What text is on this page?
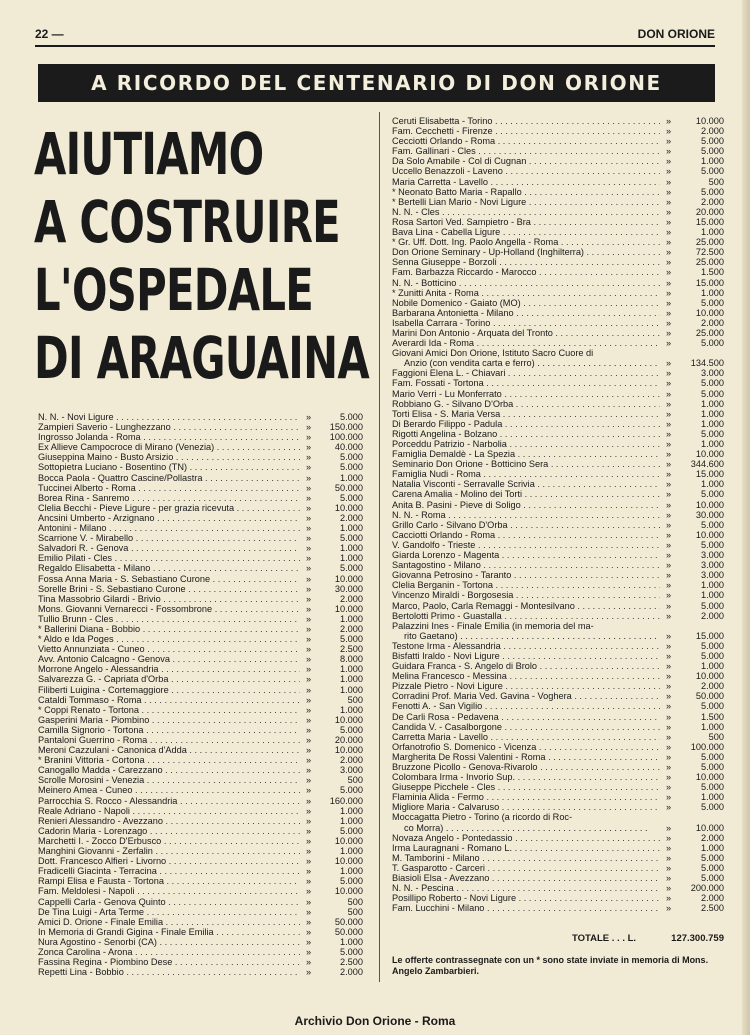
22 —	DON ORIONE
A RICORDO DEL CENTENARIO DI DON ORIONE
AIUTIAMO
A COSTRUIRE
L'OSPEDALE
DI ARAGUAINA
N. N. - Novi Ligure . . .	»	5.000
Zampieri Saverio - Lunghezzano . . .	» 150.000
Ingrosso Jolanda - Roma . . .	» 100.000
Ex Allieve Campocroce di Mirano (Venezia) . . .	»	40.000
Giuseppina Maino - Busto Arsizio . . .	»	5.000
Sottopietra Luciano - Bosentino (TN) . . .	»	5.000
Bocca Paola - Quattro Cascine/Pollastra . . .	»	1.000
Tuccinei Alberto - Roma . . .	»	50.000
Borea Rina - Sanremo . . .	»	5.000
Clelia Becchi - Pieve Ligure - per grazia ricevuta . . .	»	10.000
Ancsini Umberto - Arzignano . . .	»	2.000
Antonini - Milano . . .	»	1.000
Scarrione V. - Mirabello . . .	»	5.000
Salvadori R. - Genova . . .	»	1.000
Emilio Pilati - Cles . . .	»	1.000
Regaldo Elisabetta - Milano . . .	»	5.000
Fossa Anna Maria - S. Sebastiano Curone . . .	»	10.000
Sorelle Brini - S. Sebastiano Curone . . .	»	30.000
Tina Massobrio Gilardi - Brivio . . .	»	2.000
Mons. Giovanni Vernarecci - Fossombrone . . .	»	10.000
Tullio Brunn - Cles . . .	»	1.000
* Ballerini Diana - Bobbio . . .	»	2.000
* Aldo e Ida Poges . . .	»	5.000
Vietto Annunziata - Cuneo . . .	»	2.500
Avv. Antonio Calcagno - Genova . . .	»	8.000
Morrone Angelo - Alessandria . . .	»	1.000
Salvarezza G. - Capriata d'Orba . . .	»	1.000
Filiberti Luigina - Cortemaggiore . . .	»	1.000
Cataldi Tommaso - Roma . . .	»	500
* Coppi Renato - Tortona . . .	»	1.000
Gasperini Maria - Piombino . . .	»	10.000
Camilla Signorio - Tortona . . .	»	5.000
Pantaloni Guerrino - Roma . . .	»	20.000
Meroni Cazzulani - Canonica d'Adda . . .	»	10.000
* Branini Vittoria - Cortona . . .	»	2.000
Canogallo Madda - Carezzano . . .	»	3.000
Scrolle Morosini - Venezia . . .	»	500
Meinero Amea - Cuneo . . .	»	5.000
Parrocchia S. Rocco - Alessandria . . .	» 160.000
Reale Adriano - Napoli . . .	»	1.000
Renieri Alessandro - Avezzano . . .	»	1.000
Cadorin Maria - Lorenzago . . .	»	5.000
Marchetti I. - Zocco D'Erbusco . . .	»	10.000
Manghini Giovanni - Zerfalin . . .	»	1.000
Dott. Francesco Alfieri - Livorno . . .	»	10.000
Fradicelli Giacinta - Terracina . . .	»	1.000
Rampi Elisa e Fausta - Tortona . . .	»	5.000
Fam. Meldolesi - Napoli . . .	»	10.000
Cappelli Carla - Genova Quinto . . .	»	500
De Tina Luigi - Arta Terme . . .	»	500
Amici D. Orione - Finale Emilia . . .	»	50.000
In Memoria di Grandi Gigina - Finale Emilia . . .	»	50.000
Nura Agostino - Senorbi (CA) . . .	»	1.000
Zonca Carolina - Arona . . .	»	5.000
Fassina Regina - Piombino Dese . . .	»	2.500
Repetti Lina - Bobbio . . .	»	2.000
Ceruti Elisabetta - Torino . . .	»	10.000
Fam. Cecchetti - Firenze . . .	»	2.000
Cecciotti Orlando - Roma . . .	»	5.000
Fam. Gallinari - Cles . . .	»	5.000
Da Solo Amabile - Col di Cugnan . . .	»	1.000
Uccello Benazzoli - Laveno . . .	»	5.000
Maria Carretta - Lavello . . .	»	500
* Neonato Batto Maria - Rapallo . . .	»	5.000
* Bertelli Lian Mario - Novi Ligure . . .	»	2.000
N. N. - Cles . . .	»	20.000
Rosa Sartori Ved. Sampietro - Bra . . .	»	15.000
Bava Lina - Cabella Ligure . . .	»	1.000
* Gr. Uff. Dott. Ing. Paolo Angella - Roma . . .	»	25.000
Don Orione Seminary - Up-Holland (Inghilterra) . . .	»	72.500
Senna Giuseppe - Borzoli . . .	»	25.000
Fam. Barbazza Riccardo - Marocco . . .	»	1.500
N. N. - Botticino . . .	»	15.000
* Zunitti Anita - Roma . . .	»	1.000
Nobile Domenico - Gaiato (MO) . . .	»	5.000
Barbarana Antonietta - Milano . . .	»	10.000
Isabella Carrara - Torino . . .	»	2.000
Marini Don Antonio - Arquata del Tronto . . .	»	25.000
Averardi Ida - Roma . . .	»	5.000
Giovani Amici Don Orione, Istituto Sacro Cuore di
Anzio (con vendita carta e ferro) . . .	» 134.500
Faggioni Elena L. - Chiavari . . .	»	3.000
Fam. Fossati - Tortona . . .	»	5.000
Mario Verri - Lu Monferrato . . .	»	5.000
Robbiano G. - Silvano D'Orba . . .	»	1.000
Torti Elisa - S. Maria Versa . . .	»	1.000
Di Berardo Filippo - Padula . . .	»	1.000
Rigotti Angelina - Bolzano . . .	»	5.000
Porceddu Patrizio - Narbolia . . .	»	1.000
Famiglia Demaldè - La Spezia . . .	»	10.000
Seminario Don Orione - Botticino Sera . . .	» 344.600
Famiglia Nudi - Roma . . .	»	15.000
Natalia Visconti - Serravalle Scrivia . . .	»	1.000
Carena Amalia - Molino dei Torti . . .	»	5.000
Anita B. Pasini - Pieve di Soligo . . .	»	10.000
N. N. - Roma . . .	»	30.000
Grillo Carlo - Silvano D'Orba . . .	»	5.000
Cacciotti Orlando - Roma . . .	»	10.000
V. Gandolfo - Trieste . . .	»	5.000
Giarda Lorenzo - Magenta . . .	»	3.000
Santagostino - Milano . . .	»	3.000
Giovanna Petrosino - Taranto . . .	»	3.000
Clelia Berganin - Tortona . . .	»	1.000
Vincenzo Miraldi - Borgosesia . . .	»	1.000
Marco, Paolo, Carla Remaggi - Montesilvano . . .	»	5.000
Bertolotti Primo - Guastalla . . .	»	2.000
Palazzini Ines - Finale Emilia (in memoria del ma-
rito Gaetano) . . .	»	15.000
Testone Irma - Alessandria . . .	»	5.000
Bisfatti Iraldo - Novi Ligure . . .	»	5.000
Guidara Franca - S. Angelo di Brolo . . .	»	1.000
Melina Francesco - Messina . . .	»	10.000
Pizzale Pietro - Novi Ligure . . .	»	2.000
Corradini Prof. Maria Ved. Gavina - Voghera . . .	»	50.000
Fenotti A. - San Vigilio . . .	»	5.000
De Carli Rosa - Pedavena . . .	»	1.500
Candida V. - Casalborgone . . .	»	1.000
Carretta Maria - Lavello . . .	»	500
Orfanotrofio S. Domenico - Vicenza . . .	» 100.000
Margherita De Rossi Valentini - Roma . . .	»	5.000
Bruzzone Picollo - Genova-Rivarolo . . .	»	5.000
Colombara Irma - Invorio Sup. . . .	»	10.000
Giuseppe Picchele - Cles . . .	»	5.000
Flaminia Alida - Fermo . . .	»	1.000
Migliore Maria - Calvaruso . . .	»	5.000
Moccagatta Pietro - Torino (a ricordo di Roc-
co Morra) . . .	»	10.000
Novaza Angelo - Pontedassio . . .	»	2.000
Irma Lauragnani - Romano L. . . .	»	1.000
M. Tamborini - Milano . . .	»	5.000
T. Gasparotto - Carceri . . .	»	5.000
Biasioli Elsa - Avezzano . . .	»	5.000
N. N. - Pescina . . .	» 200.000
Posillipo Roberto - Novi Ligure . . .	»	2.000
Fam. Lucchini - Milano . . .	»	2.500
TOTALE . . . L.	127.300.759
Le offerte contrassegnate con un * sono state inviate in memoria di Mons. Angelo Zambarbieri.
Archivio Don Orione - Roma
